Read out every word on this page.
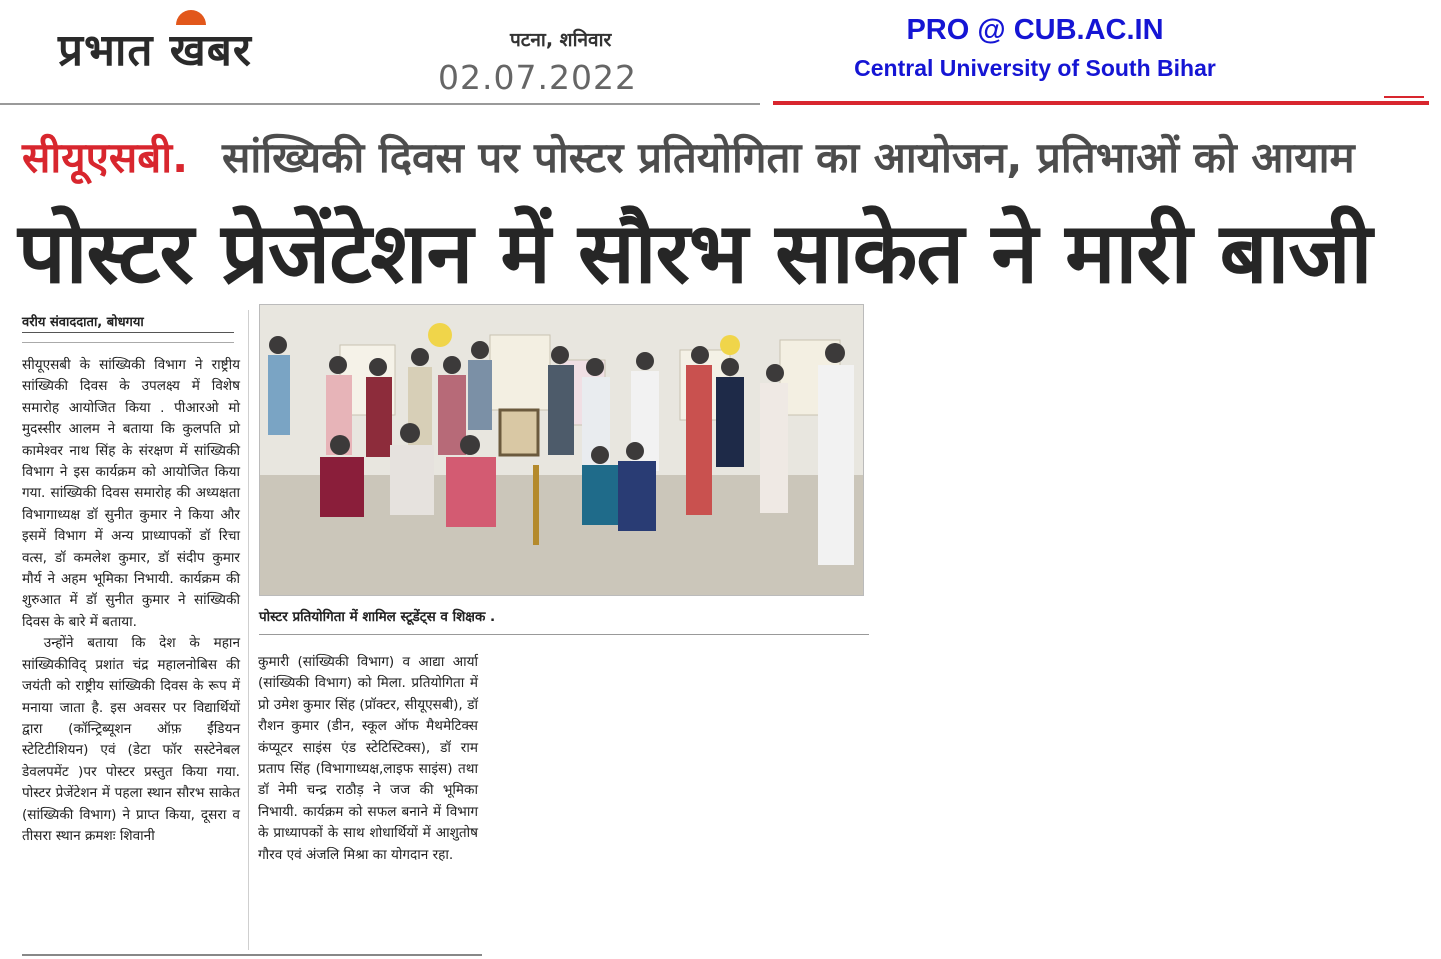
प्रभात खबर	पटना, शनिवार
02.07.2022
PRO @ CUB.AC.IN
Central University of South Bihar
सीयूएसबी. सांख्यिकी दिवस पर पोस्टर प्रतियोगिता का आयोजन, प्रतिभाओं को आयाम
पोस्टर प्रेजेंटेशन में सौरभ साकेत ने मारी बाजी
वरीय संवाददाता, बोधगया

सीयूएसबी के सांख्यिकी विभाग ने राष्ट्रीय सांख्यिकी दिवस के उपलक्ष्य में विशेष समारोह आयोजित किया . पीआरओ मो मुदस्सीर आलम ने बताया कि कुलपति प्रो कामेश्वर नाथ सिंह के संरक्षण में सांख्यिकी विभाग ने इस कार्यक्रम को आयोजित किया गया. सांख्यिकी दिवस समारोह की अध्यक्षता विभागाध्यक्ष डॉ सुनीत कुमार ने किया और इसमें विभाग में अन्य प्राध्यापकों डॉ रिचा वत्स, डॉ कमलेश कुमार, डॉ संदीप कुमार मौर्य ने अहम भूमिका निभायी. कार्यक्रम की शुरुआत में डॉ सुनीत कुमार ने सांख्यिकी दिवस के बारे में बताया.

उन्होंने बताया कि देश के महान सांख्यिकीविद् प्रशांत चंद्र महालनोबिस की जयंती को राष्ट्रीय सांख्यिकी दिवस के रूप में मनाया जाता है. इस अवसर पर विद्यार्थियों द्वारा (कॉन्ट्रिब्यूशन ऑफ़ ईंडियन स्टेटिटीशियन) एवं (डेटा फॉर सस्टेनेबल डेवलपमेंट )पर पोस्टर प्रस्तुत किया गया. पोस्टर प्रेजेंटेशन में पहला स्थान सौरभ साकेत (सांख्यिकी विभाग) ने प्राप्त किया, दूसरा व तीसरा स्थान क्रमशः शिवानी

पोस्टर प्रतियोगिता में शामिल स्टूडेंट्स व शिक्षक .

कुमारी (सांख्यिकी विभाग) व आद्या आर्या (सांख्यिकी विभाग) को मिला. प्रतियोगिता में प्रो उमेश कुमार सिंह (प्रॉक्टर, सीयूएसबी), डॉ रौशन कुमार (डीन, स्कूल ऑफ मैथमेटिक्स कंप्यूटर साइंस एंड स्टेटिस्टिक्स), डॉ राम प्रताप सिंह (विभागाध्यक्ष,लाइफ साइंस) तथा डॉ नेमी चन्द्र राठौड़ ने जज की भूमिका निभायी. कार्यक्रम को सफल बनाने में विभाग के प्राध्यापकों के साथ शोधार्थियों में आशुतोष गौरव एवं अंजलि मिश्रा का योगदान रहा.
